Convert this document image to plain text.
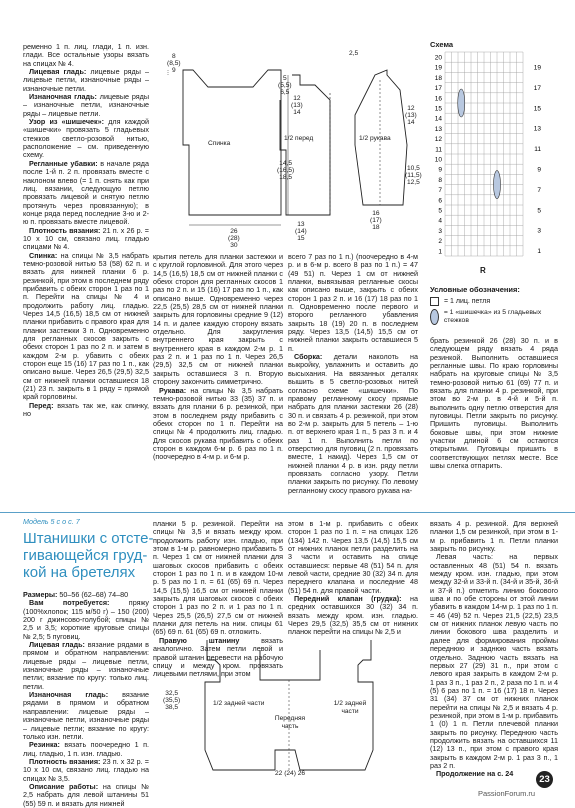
ременно 1 п. лиц. глади, 1 п. изн. глади. Все остальные узоры вязать на спицах № 4.

Лицевая гладь: лицевые ряды – лицевые петли, изнаночные ряды – изнаночные петли.

Изнаночная гладь: лицевые ряды – изнаночные петли, изнаночные ряды – лицевые петли.

Узор из «шишечек»: для каждой «шишечки» провязать 5 гладьевых стежков светло-розовой нитью, расположение – см. приведенную схему.

Регланные убавки: в начале ряда после 1-й п. 2 п. провязать вместе с наклоном влево (= 1 п. снять как при лиц. вязании, следующую петлю провязать лицевой и снятую петлю протянуть через провязанную); в конце ряда перед последние 3-ю и 2-ю п. провязать вместе лицевой.

Плотность вязания: 21 п. x 26 р. = 10 x 10 см, связано лиц. гладью спицами № 4.

Спинка: на спицы № 3,5 набрать темно-розовой нитью 53 (58) 62 п. и вязать для нижней планки 6 р. резинкой, при этом в последнем ряду прибавить с обеих сторон 1 раз по 1 п. Перейти на спицы № 4 и продолжить работу лиц. гладью. Через 14,5 (16,5) 18,5 см от нижней планки прибавить с правого края для планки застежки 3 п. Одновременно для регланных скосов закрыть с обеих сторон 1 раз по 2 п. и затем в каждом 2-м р. убавить с обеих сторон еще 15 (16) 17 раз по 1 п., как описано выше. Через 26,5 (29,5) 32,5 см от нижней планки оставшиеся 18 (21) 23 п. закрыть в 1 ряду = прямой край горловины.

Перед: вязать так же, как спинку, но

Спинка
8
(8,5)
9
12
(13)
14
14,5
(16,5)
18,5
26
(28)
30
1/2 перед
5
(5,5)
6,5
13
(14)
15
1/2 рукава
2,5
12
(13)
14
10,5
(11,5)
12,5
16
(17)
18
Схема
20
19
18
17
16
15
14
13
12
11
10
9
8
7
6
5
4
3
2
1
19
17
15
13
11
9
7
5
3
1
R
Условные обозначения:
= 1 лиц. петля
= 1 «шишечка» из 5 гладьевых стежков

крытия петель для планки застежки и с круглой горловиной. Для этого через 14,5 (16,5) 18,5 см от нижней планки с обеих сторон для регланных скосов 1 раз по 2 п. и 15 (16) 17 раз по 1 п., как описано выше. Одновременно через 22,5 (25,5) 28,5 см от нижней планки закрыть для горловины средние 9 (12) 14 п. и далее каждую сторону вязать отдельно. Для закругления внутреннего края закрыть с внутреннего края в каждом 2-м р. 1 раз 2 п. и 1 раз по 1 п. Через 26,5 (29,5) 32,5 см от нижней планки закрыть оставшиеся 3 п. Вторую сторону закончить симметрично.

Рукава: на спицы № 3,5 набрать темно-розовой нитью 33 (35) 37 п. и вязать для планки 6 р. резинкой, при этом в последнем ряду прибавить с обеих сторон по 1 п. Перейти на спицы № 4 продолжить лиц. гладью. Для скосов рукава прибавить с обеих сторон в каждом 6-м р. 6 раз по 1 п. (поочередно в 4-м р. и 6-м р.

всего 7 раз по 1 п.) (поочередно в 4-м р. и в 6-м р. всего 8 раз по 1 п.) = 47 (49 51) п. Через 1 см от нижней планки, вывязывая регланные скосы как описано выше, закрыть с обеих сторон 1 раз 2 п. и 16 (17) 18 раз по 1 п. Одновременно после первого и второго регланного убавления закрыть 18 (19) 20 п. в последнем ряду. Через 13,5 (14,5) 15,5 см от нижней планки закрыть оставшиеся 5 п.

Сборка: детали наколоть на выкройку, увлажнить и оставить до высыхания. На ввязанных деталях вышить в 5 светло-розовых нитей согласно схеме «шишечки». По правому регланному скосу прямые набрать для планки застежки 26 (28) 30 п. и связать 4 р. резинкой, при этом во 2-м р. закрыть для 5 петель – 1-ю п. от верхнего края 1 п., 5 раз 3 п. и 4 раз 1 п. Выполнить петли по отверстию для пуговиц (2 п. провязать вместе, 1 накид). Через 1,5 см от нижней планки 4 р. в изн. ряду петли провязать согласно узору. Петли планки закрыть по рисунку. По левому регланному скосу правого рукава на-

брать резинкой 26 (28) 30 п. и в следующем ряду вязать 4 ряда резинкой. Выполнить оставшиеся регланные швы. По краю горловины набрать на круговые спицы № 3,5 темно-розовой нитью 61 (69) 77 п. и вязать для планки 4 р. резинкой, при этом во 2-м р. в 4-й и 5-й п. выполнить одну петлю отверстия для пуговицы. Петли закрыть по рисунку. Пришить пуговицы. Выполнить боковые швы, при этом нижние участки длиной 6 см остаются открытыми. Пуговицы пришить в соответствующих петлях месте. Все швы слегка отпарить.

Модель 5 с о с. 7
Штанишки с отсте-
гивающейся груд-
кой на бретелях

Размеры: 50–56 (62–68) 74–80

Вам потребуется: пряжу (100%хлопок; 115 м/50 г) – 150 (200) 200 г джинсово-голубой; спицы № 2,5 и 3,5; короткие круговые спицы № 2,5; 5 пуговиц.

Лицевая гладь: вязание рядами в прямом и обратном направлении: лицевые ряды – лицевые петли, изнаночные ряды – изнаночные петли; вязание по кругу: только лиц. петли.

Изнаночная гладь: вязание рядами в прямом и обратном направлении: лицевые ряды – изнаночные петли, изнаночные ряды – лицевые петли; вязание по кругу: только изн. петли.

Резинка: вязать поочередно 1 п. лиц. гладью, 1 п. изн. гладью.

Плотность вязания: 23 п. x 32 р. = 10 x 10 см, связано лиц. гладью на спицах № 3,5.

Описание работы: на спицы № 2,5 набрать для левой штанины 51 (55) 59 п. и вязать для нижней

планки 5 р. резинкой. Перейти на спицы № 3,5 и вязать между кром. продолжить работу изн. гладью, при этом в 1-м р. равномерно прибавить 5 п. Через 1 см от нижней планки для шаговых скосов прибавить с обеих сторон 1 раз по 1 п. и в каждом 10-м р. 5 раз по 1 п. = 61 (65) 69 п. Через 14,5 (15,5) 16,5 см от нижней планки закрыть для шаговых скосов с обеих сторон 1 раз по 2 п. и 1 раз по 1 п. Через 25,5 (26,5) 27,5 см от нижней планки для петель на ниж. спицы 61 (65) 69 п. 61 (65) 69 п. отложить.

Правую штанину вязать аналогично. Затем петли левой и правой штанин перевести на рабочую спицу и между кром. провязать лицевыми петлями, при этом

этом в 1-м р. прибавить с обеих сторон 1 раз по 1 п. = на спицах 126 (134) 142 п. Через 13,5 (14,5) 15,5 см от нижних планок петли разделить на 3 части и оставить на спице оставшиеся: первые 48 (51) 54 п. для левой части, средние 30 (32) 34 п. для переднего клапана и последние 48 (51) 54 п. для правой части.

Передний клапан (грудка): на средних оставшихся 30 (32) 34 п. вязать между кром. изн. гладью. Через 29,5 (32,5) 35,5 см от нижних планок перейти на спицы № 2,5 и

вязать 4 р. резинкой. Для верхней планки 1,5 см резинкой, при этом в 1-м р. прибавить 1 п. Петли планки закрыть по рисунку.

Левая часть: на первых оставленных 48 (51) 54 п. вязать между кром. изн. гладью, при этом между 32-й и 33-й п. (34-й и 35-й, 36-й и 37-й п.) отметить линию бокового шва и по обе стороны от этой линии убавить в каждом 14-м р. 1 раз по 1 п. = 46 (49) 52 п. Через 21,5 (22,5) 23,5 см от нижних планок левую часть по линии бокового шва разделить и далее для формирования проймы переднюю и заднюю часть вязать отдельно. Заднюю часть вязать на первых 27 (29) 31 п., при этом с левого края закрыть в каждом 2-м р. 1 раз 3 п., 1 раз 2 п., 2 раза по 1 п. и 4 (5) 6 раз по 1 п. = 16 (17) 18 п. Через 31 (34) 37 см от нижних планок перейти на спицы № 2,5 и вязать 4 р. резинкой, при этом в 1-м р. прибавить 1 (0) 1 п. Петли плечевой планки закрыть по рисунку. Переднюю часть продолжить вязать на оставшихся 11 (12) 13 п., при этом с правого края закрыть в каждом 2-м р. 1 раз 3 п., 1 раз 2 п.

Продолжение на с. 24

1/2 задней части
Передняя часть
1/2 задней части
32,5
(35,5)
38,5
22 (24) 26
23
PassionForum.ru
